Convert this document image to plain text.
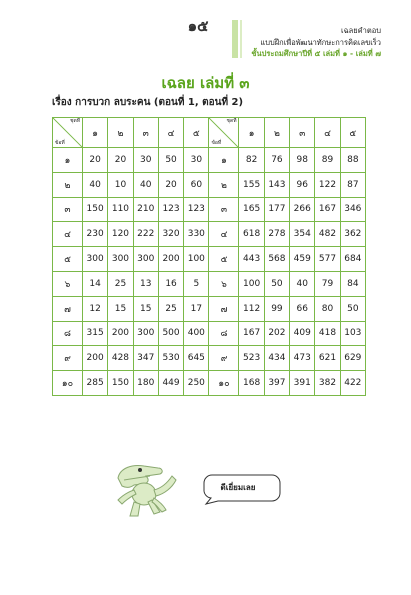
๑๕	เฉลยคำตอบ
แบบฝึกเพื่อพัฒนาทักษะการคิดเลขเร็ว
ชั้นประถมศึกษาปีที่ ๕ เล่มที่ ๑ - เล่มที่ ๗
เฉลย เล่มที่ ๓
เรื่อง การบวก ลบระคน (ตอนที่ 1, ตอนที่ 2)
ชุดที่
ข้อที่	๑	๒	๓	๔	๕	ชุดที่
ข้อที่	๑	๒	๓	๔	๕
๑	20	20	30	50	30	๑	82	76	98	89	88
๒	40	10	40	20	60	๒	155	143	96	122	87
๓	150	110	210	123	123	๓	165	177	266	167	346
๔	230	120	222	320	330	๔	618	278	354	482	362
๕	300	300	300	200	100	๕	443	568	459	577	684
๖	14	25	13	16	5	๖	100	50	40	79	84
๗	12	15	15	25	17	๗	112	99	66	80	50
๘	315	200	300	500	400	๘	167	202	409	418	103
๙	200	428	347	530	645	๙	523	434	473	621	629
๑๐	285	150	180	449	250	๑๐	168	397	391	382	422
ดีเยี่ยมเลย
